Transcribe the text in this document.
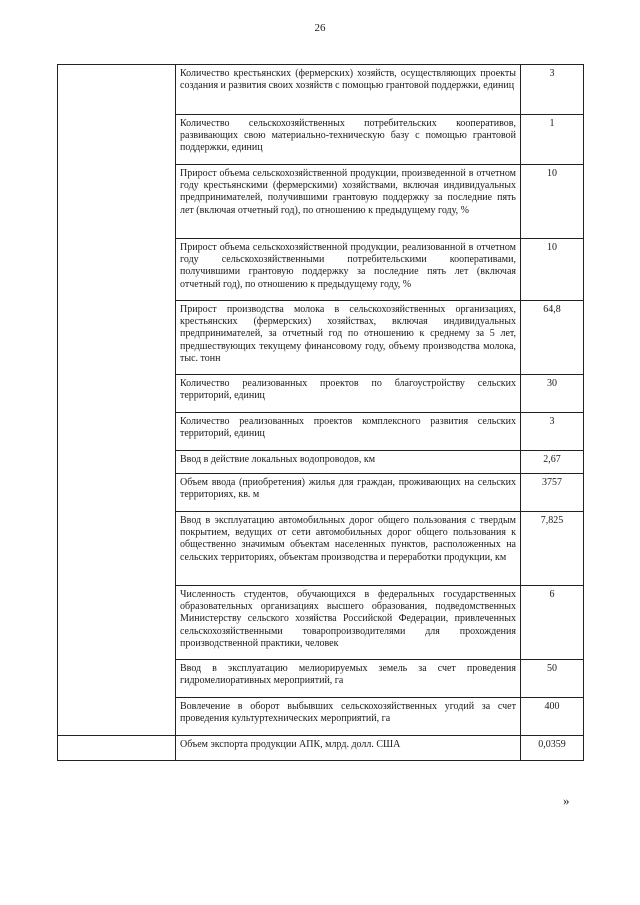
26
	Количество крестьянских (фермерских) хозяйств, осуществляющих проекты создания и развития своих хозяйств с помощью грантовой поддержки, единиц	3
	Количество сельскохозяйственных потребительских кооперативов, развивающих свою материально-техническую базу с помощью грантовой поддержки, единиц	1
	Прирост объема сельскохозяйственной продукции, произведенной в отчетном году крестьянскими (фермерскими) хозяйствами, включая индивидуальных предпринимателей, получившими грантовую поддержку за последние пять лет (включая отчетный год), по отношению к предыдущему году, %	10
	Прирост объема сельскохозяйственной продукции, реализованной в отчетном году сельскохозяйственными потребительскими кооперативами, получившими грантовую поддержку за последние пять лет (включая отчетный год), по отношению к предыдущему году, %	10
	Прирост производства молока в сельскохозяйственных организациях, крестьянских (фермерских) хозяйствах, включая индивидуальных предпринимателей, за отчетный год по отношению к среднему за 5 лет, предшествующих текущему финансовому году, объему производства молока, тыс. тонн	64,8
	Количество реализованных проектов по благоустройству сельских территорий, единиц	30
	Количество реализованных проектов комплексного развития сельских территорий, единиц	3
	Ввод в действие локальных водопроводов, км	2,67
	Объем ввода (приобретения) жилья для граждан, проживающих на сельских территориях, кв. м	3757
	Ввод в эксплуатацию автомобильных дорог общего пользования с твердым покрытием, ведущих от сети автомобильных дорог общего пользования к общественно значимым объектам населенных пунктов, расположенных на сельских территориях, объектам производства и переработки продукции, км	7,825
	Численность студентов, обучающихся в федеральных государственных образовательных организациях высшего образования, подведомственных Министерству сельского хозяйства Российской Федерации, привлеченных сельскохозяйственными товаропроизводителями для прохождения производственной практики, человек	6
	Ввод в эксплуатацию мелиорируемых земель за счет проведения гидромелиоративных мероприятий, га	50
	Вовлечение в оборот выбывших сельскохозяйственных угодий за счет проведения культуртехнических мероприятий, га	400
	Объем экспорта продукции АПК, млрд. долл. США	0,0359
»
